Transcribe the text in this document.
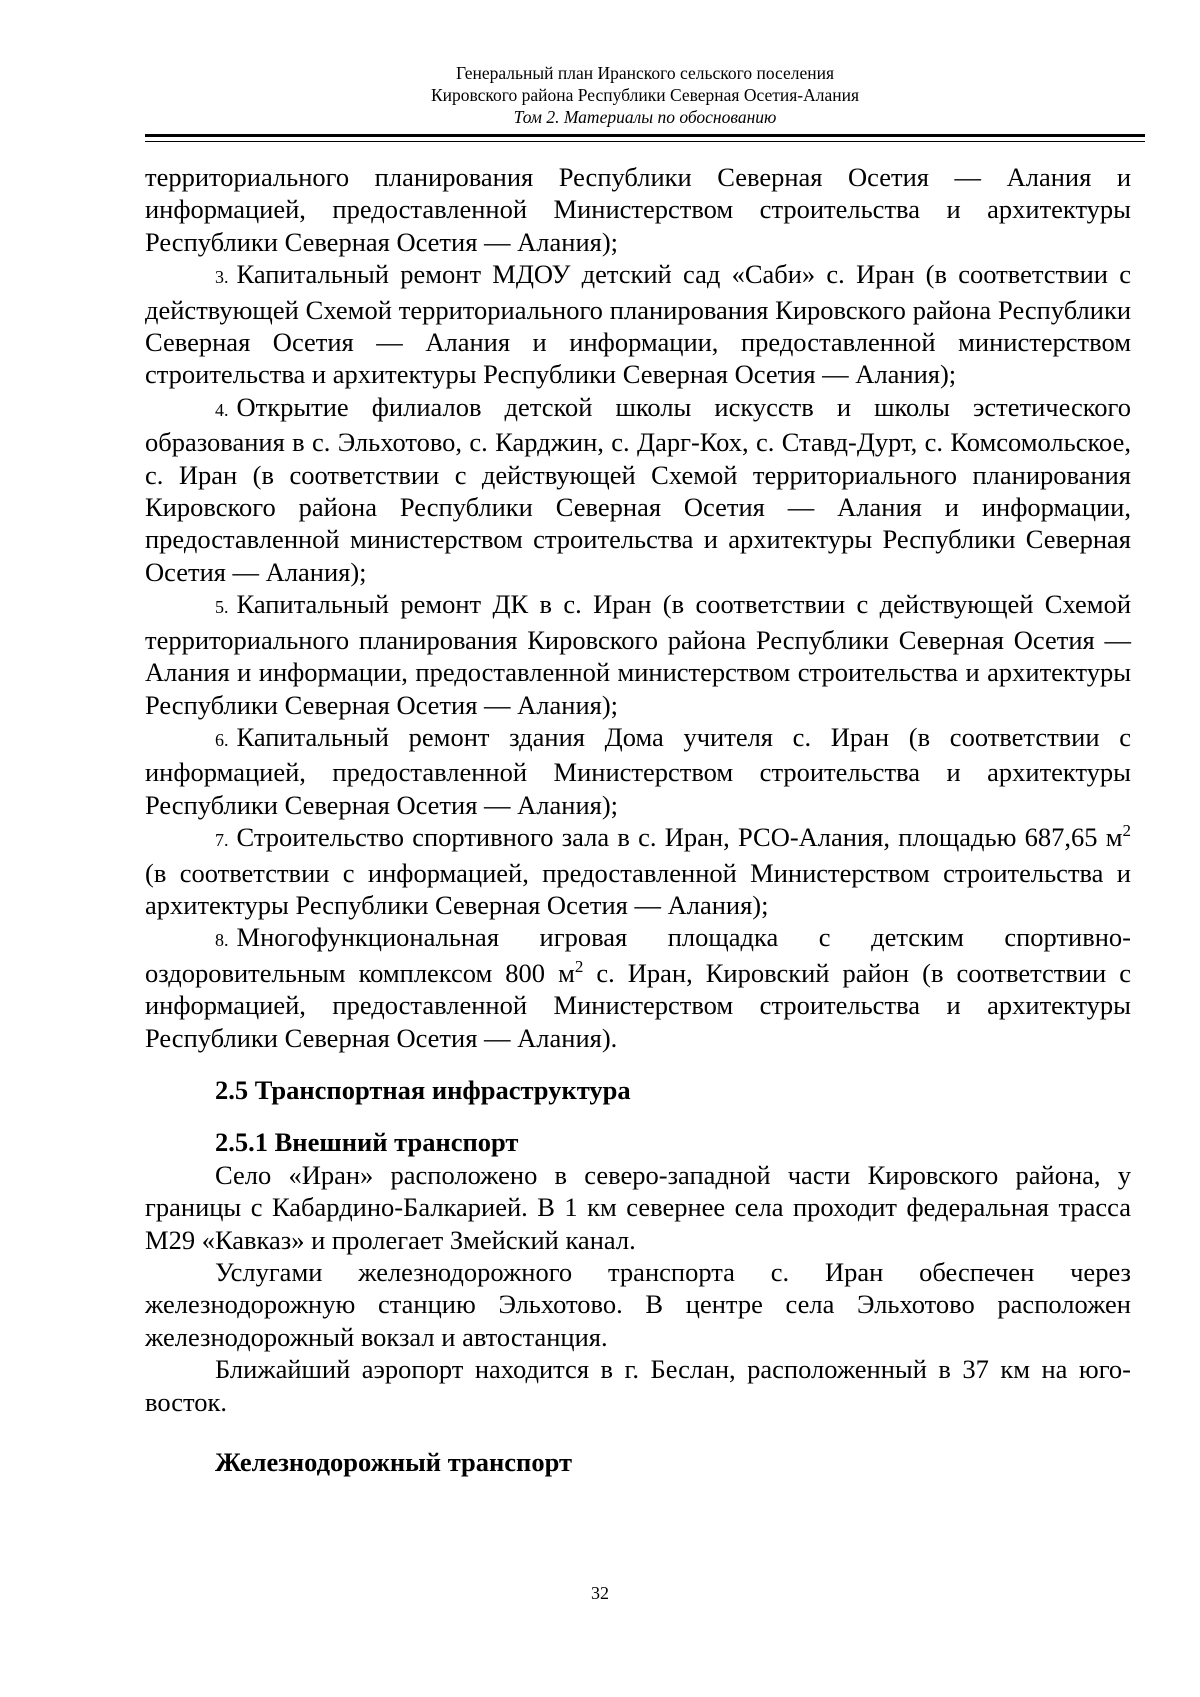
Генеральный план Иранского сельского поселения
Кировского района Республики Северная Осетия-Алания
Том 2. Материалы по обоснованию

территориального планирования Республики Северная Осетия — Алания и информацией, предоставленной Министерством строительства и архитектуры Республики Северная Осетия — Алания);

3. Капитальный ремонт МДОУ детский сад «Саби» с. Иран (в соответствии с действующей Схемой территориального планирования Кировского района Республики Северная Осетия — Алания и информации, предоставленной министерством строительства и архитектуры Республики Северная Осетия — Алания);

4. Открытие филиалов детской школы искусств и школы эстетического образования в с. Эльхотово, с. Карджин, с. Дарг-Кох, с. Ставд-Дурт, с. Комсомольское, с. Иран (в соответствии с действующей Схемой территориального планирования Кировского района Республики Северная Осетия — Алания и информации, предоставленной министерством строительства и архитектуры Республики Северная Осетия — Алания);

5. Капитальный ремонт ДК в с. Иран (в соответствии с действующей Схемой территориального планирования Кировского района Республики Северная Осетия — Алания и информации, предоставленной министерством строительства и архитектуры Республики Северная Осетия — Алания);

6. Капитальный ремонт здания Дома учителя с. Иран (в соответствии с информацией, предоставленной Министерством строительства и архитектуры Республики Северная Осетия — Алания);

7. Строительство спортивного зала в с. Иран, РСО-Алания, площадью 687,65 $м^2$ (в соответствии с информацией, предоставленной Министерством строительства и архитектуры Республики Северная Осетия — Алания);

8. Многофункциональная игровая площадка с детским спортивно-оздоровительным комплексом 800 $м^2$ с. Иран, Кировский район (в соответствии с информацией, предоставленной Министерством строительства и архитектуры Республики Северная Осетия — Алания).

2.5 Транспортная инфраструктура
2.5.1 Внешний транспорт

Село «Иран» расположено в северо-западной части Кировского района, у границы с Кабардино-Балкарией. В 1 км севернее села проходит федеральная трасса М29 «Кавказ» и пролегает Змейский канал.

Услугами железнодорожного транспорта с. Иран обеспечен через железнодорожную станцию Эльхотово. В центре села Эльхотово расположен железнодорожный вокзал и автостанция.

Ближайший аэропорт находится в г. Беслан, расположенный в 37 км на юго-восток.

Железнодорожный транспорт
32
